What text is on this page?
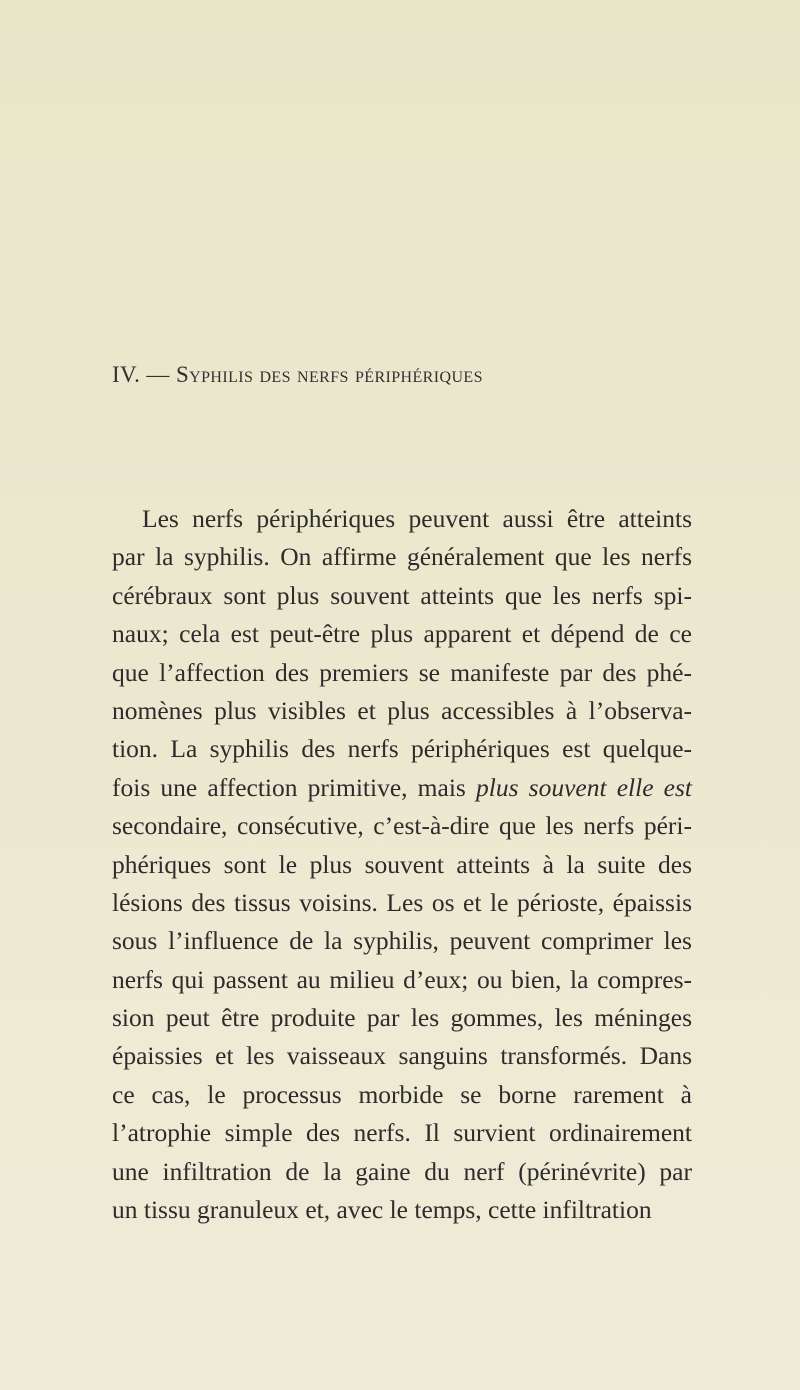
IV. — Syphilis des nerfs périphériques
Les nerfs périphériques peuvent aussi être atteints
par la syphilis. On affirme généralement que les nerfs
cérébraux sont plus souvent atteints que les nerfs spi-
naux; cela est peut-être plus apparent et dépend de ce
que l’affection des premiers se manifeste par des phé-
nomènes plus visibles et plus accessibles à l’observa-
tion. La syphilis des nerfs périphériques est quelque-
fois une affection primitive, mais plus souvent elle est
secondaire, consécutive, c’est-à-dire que les nerfs péri-
phériques sont le plus souvent atteints à la suite des
lésions des tissus voisins. Les os et le périoste, épaissis
sous l’influence de la syphilis, peuvent comprimer les
nerfs qui passent au milieu d’eux; ou bien, la compres-
sion peut être produite par les gommes, les méninges
épaissies et les vaisseaux sanguins transformés. Dans
ce cas, le processus morbide se borne rarement à
l’atrophie simple des nerfs. Il survient ordinairement
une infiltration de la gaine du nerf (périnévrite) par
un tissu granuleux et, avec le temps, cette infiltration
